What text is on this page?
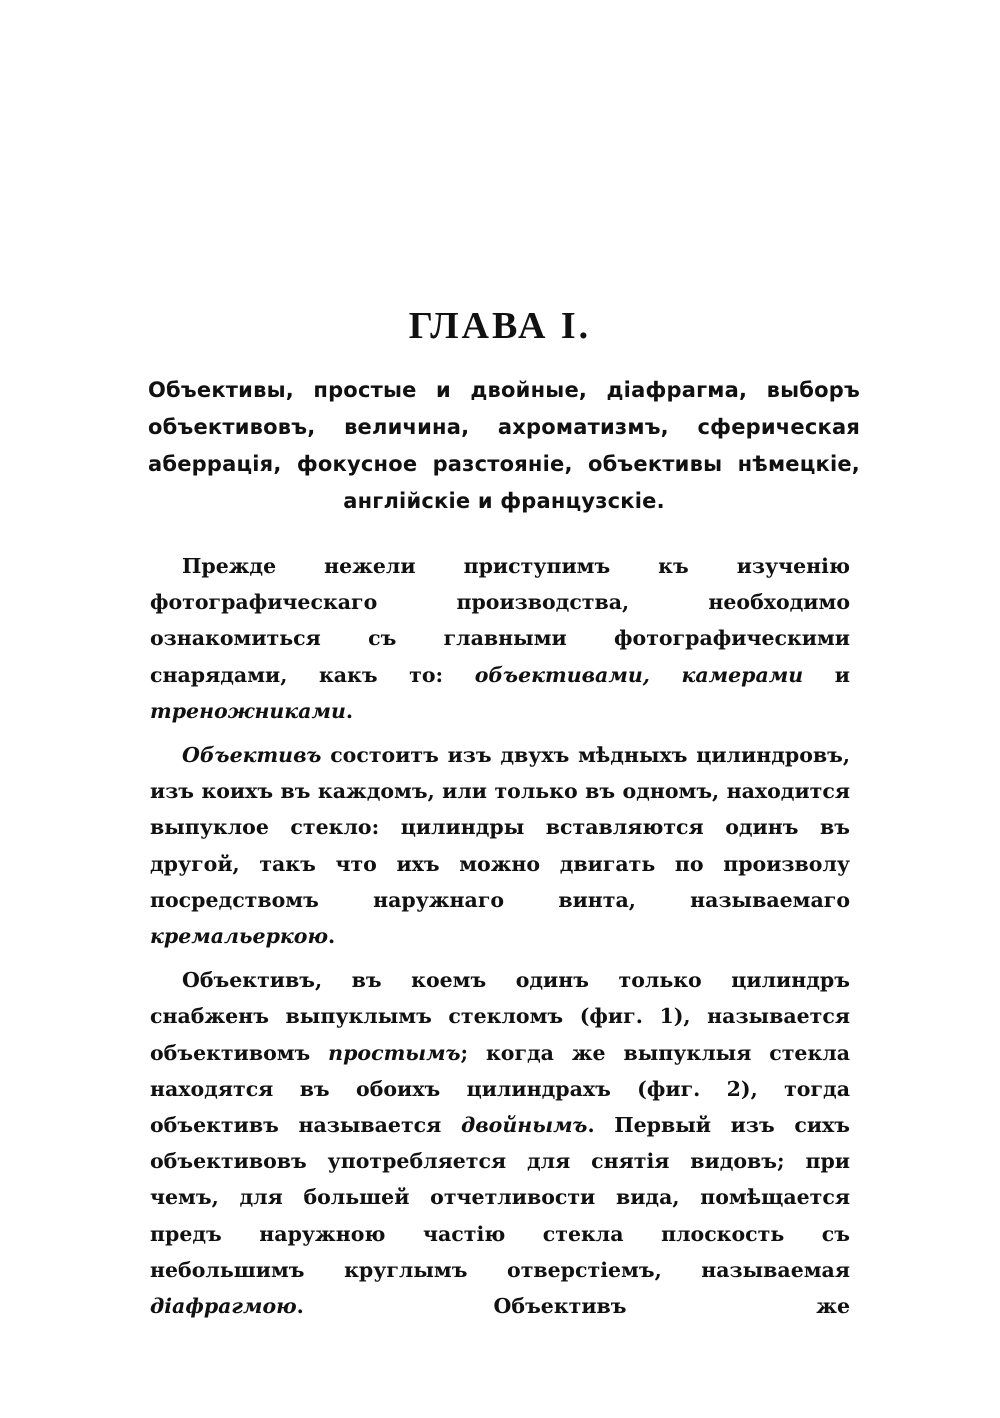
ГЛАВА I.

Объективы, простые и двойные, діафрагма, выборъ объективовъ, величина, ахроматизмъ, сферическая аберрація, фокусное разстояніе, объективы нѣмецкіе, англійскіе и французскіе.

Прежде нежели приступимъ къ изученію фотографическаго производства, необходимо ознакомиться съ главными фотографическими снарядами, какъ то: объективами, камерами и треножниками.

Объективъ состоитъ изъ двухъ мѣдныхъ цилиндровъ, изъ коихъ въ каждомъ, или только въ одномъ, находится выпуклое стекло: цилиндры вставляются одинъ въ другой, такъ что ихъ можно двигать по произволу посредствомъ наружнаго винта, называемаго кремальеркою.

Объективъ, въ коемъ одинъ только цилиндръ снабженъ выпуклымъ стекломъ (фиг. 1), называется объективомъ простымъ; когда же выпуклыя стекла находятся въ обоихъ цилиндрахъ (фиг. 2), тогда объективъ называется двойнымъ. Первый изъ сихъ объективовъ употребляется для снятія видовъ; при чемъ, для большей отчетливости вида, помѣщается предъ наружною частію стекла плоскость съ небольшимъ круглымъ отверстіемъ, называемая діафрагмою. Объективъ же
